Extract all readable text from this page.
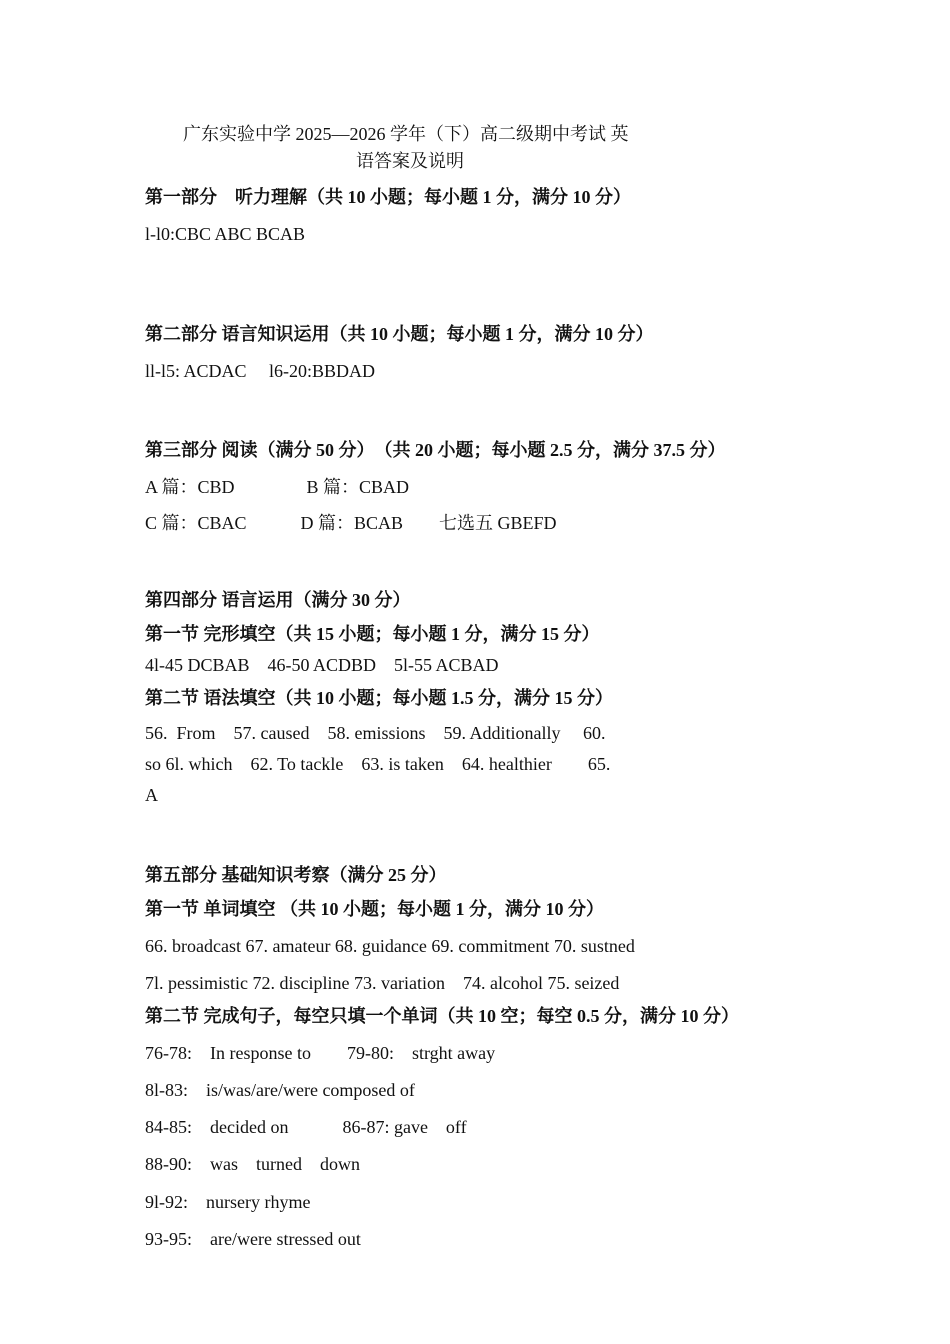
广东实验中学 2025—2026 学年（下）高二级期中考试 英
语答案及说明
第一部分　听力理解（共 10 小题；每小题 1 分，满分 10 分）
l-l0:CBC ABC BCAB
第二部分 语言知识运用（共 10 小题；每小题 1 分，满分 10 分）
ll-l5: ACDAC　 l6-20:BBDAD
第三部分 阅读（满分 50 分）　（共 20 小题；每小题 2.5 分，满分 37.5 分）
A 篇：CBD　　　　B 篇：CBAD
C 篇：CBAC　　　D 篇：BCAB　　七选五 GBEFD
第四部分 语言运用（满分 30 分）
第一节 完形填空（共 15 小题；每小题 1 分，满分 15 分）
4l-45 DCBAB　46-50 ACDBD　5l-55 ACBAD
第二节 语法填空（共 10 小题；每小题 1.5 分，满分 15 分）
56.  From　57. caused　58. emissions　59. Additionally　 60.
so 6l. which　62. To tackle　63. is taken　64. healthier　　65.
A
第五部分 基础知识考察（满分 25 分）
第一节 单词填空 （共 10 小题；每小题 1 分，满分 10 分）
66. broadcast 67. amateur 68. guidance 69. commitment 70. sustned
7l. pessimistic 72. discipline 73. variation　74. alcohol 75. seized
第二节 完成句子，每空只填一个单词（共 10 空；每空 0.5 分，满分 10 分）
76-78:　In response to　　79-80:　strght away
8l-83:　is/was/are/were composed of
84-85:　decided on　　　86-87: gave　off
88-90:　was　turned　down
9l-92:　nursery rhyme
93-95:　are/were stressed out
